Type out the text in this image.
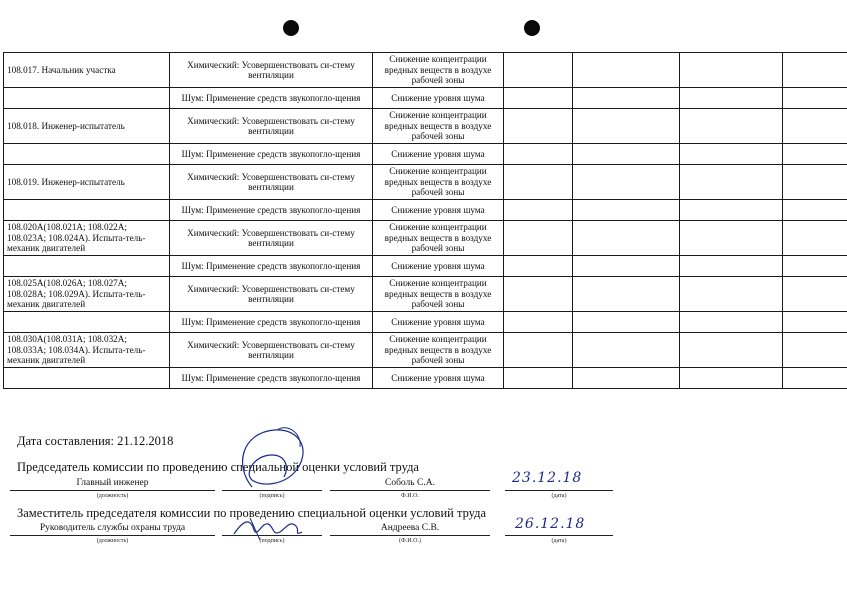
108.017. Начальник участка	Химический: Усовершенствовать си-стему вентиляции	Снижение концентрации вредных веществ в воздухе рабочей зоны				
	Шум: Применение средств звукопогло-щения	Снижение уровня шума				
108.018. Инженер-испытатель	Химический: Усовершенствовать си-стему вентиляции	Снижение концентрации вредных веществ в воздухе рабочей зоны				
	Шум: Применение средств звукопогло-щения	Снижение уровня шума				
108.019. Инженер-испытатель	Химический: Усовершенствовать си-стему вентиляции	Снижение концентрации вредных веществ в воздухе рабочей зоны				
	Шум: Применение средств звукопогло-щения	Снижение уровня шума				
108.020А(108.021А; 108.022А; 108.023А; 108.024А). Испыта-тель-механик двигателей	Химический: Усовершенствовать си-стему вентиляции	Снижение концентрации вредных веществ в воздухе рабочей зоны				
	Шум: Применение средств звукопогло-щения	Снижение уровня шума				
108.025А(108.026А; 108.027А; 108.028А; 108.029А). Испыта-тель-механик двигателей	Химический: Усовершенствовать си-стему вентиляции	Снижение концентрации вредных веществ в воздухе рабочей зоны				
	Шум: Применение средств звукопогло-щения	Снижение уровня шума				
108.030А(108.031А; 108.032А; 108.033А; 108.034А). Испыта-тель-механик двигателей	Химический: Усовершенствовать си-стему вентиляции	Снижение концентрации вредных веществ в воздухе рабочей зоны				
	Шум: Применение средств звукопогло-щения	Снижение уровня шума				
Дата составления: 21.12.2018
Председатель комиссии по проведению специальной оценки условий труда
Главный инженер
(должность)	(подпись)
Соболь С.А.
Ф.И.О.
23.12.18
(дата)
Заместитель председателя комиссии по проведению специальной оценки условий труда
Руководитель службы охраны труда
(должность)	(подпись)
Андреева С.В.
(Ф.И.О.)
26.12.18
(дата)
